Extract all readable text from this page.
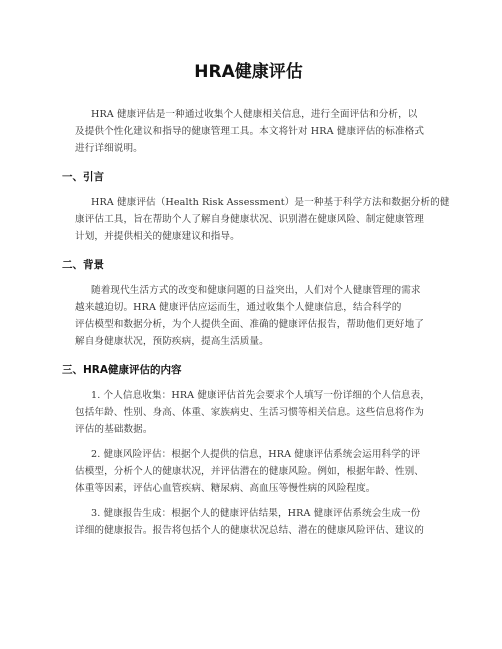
HRA健康评估

HRA 健康评估是一种通过收集个人健康相关信息，进行全面评估和分析，以
及提供个性化建议和指导的健康管理工具。本文将针对 HRA 健康评估的标准格式
进行详细说明。

一、引言

HRA 健康评估（Health Risk Assessment）是一种基于科学方法和数据分析的健
康评估工具，旨在帮助个人了解自身健康状况、识别潜在健康风险、制定健康管理
计划，并提供相关的健康建议和指导。

二、背景

随着现代生活方式的改变和健康问题的日益突出，人们对个人健康管理的需求
越来越迫切。HRA 健康评估应运而生，通过收集个人健康信息，结合科学的
评估模型和数据分析，为个人提供全面、准确的健康评估报告，帮助他们更好地了
解自身健康状况，预防疾病，提高生活质量。

三、HRA健康评估的内容

1. 个人信息收集：HRA 健康评估首先会要求个人填写一份详细的个人信息表，
包括年龄、性别、身高、体重、家族病史、生活习惯等相关信息。这些信息将作为
评估的基础数据。

2. 健康风险评估：根据个人提供的信息，HRA 健康评估系统会运用科学的评
估模型，分析个人的健康状况，并评估潜在的健康风险。例如，根据年龄、性别、
体重等因素，评估心血管疾病、糖尿病、高血压等慢性病的风险程度。

3. 健康报告生成：根据个人的健康评估结果，HRA 健康评估系统会生成一份
详细的健康报告。报告将包括个人的健康状况总结、潜在的健康风险评估、建议的
